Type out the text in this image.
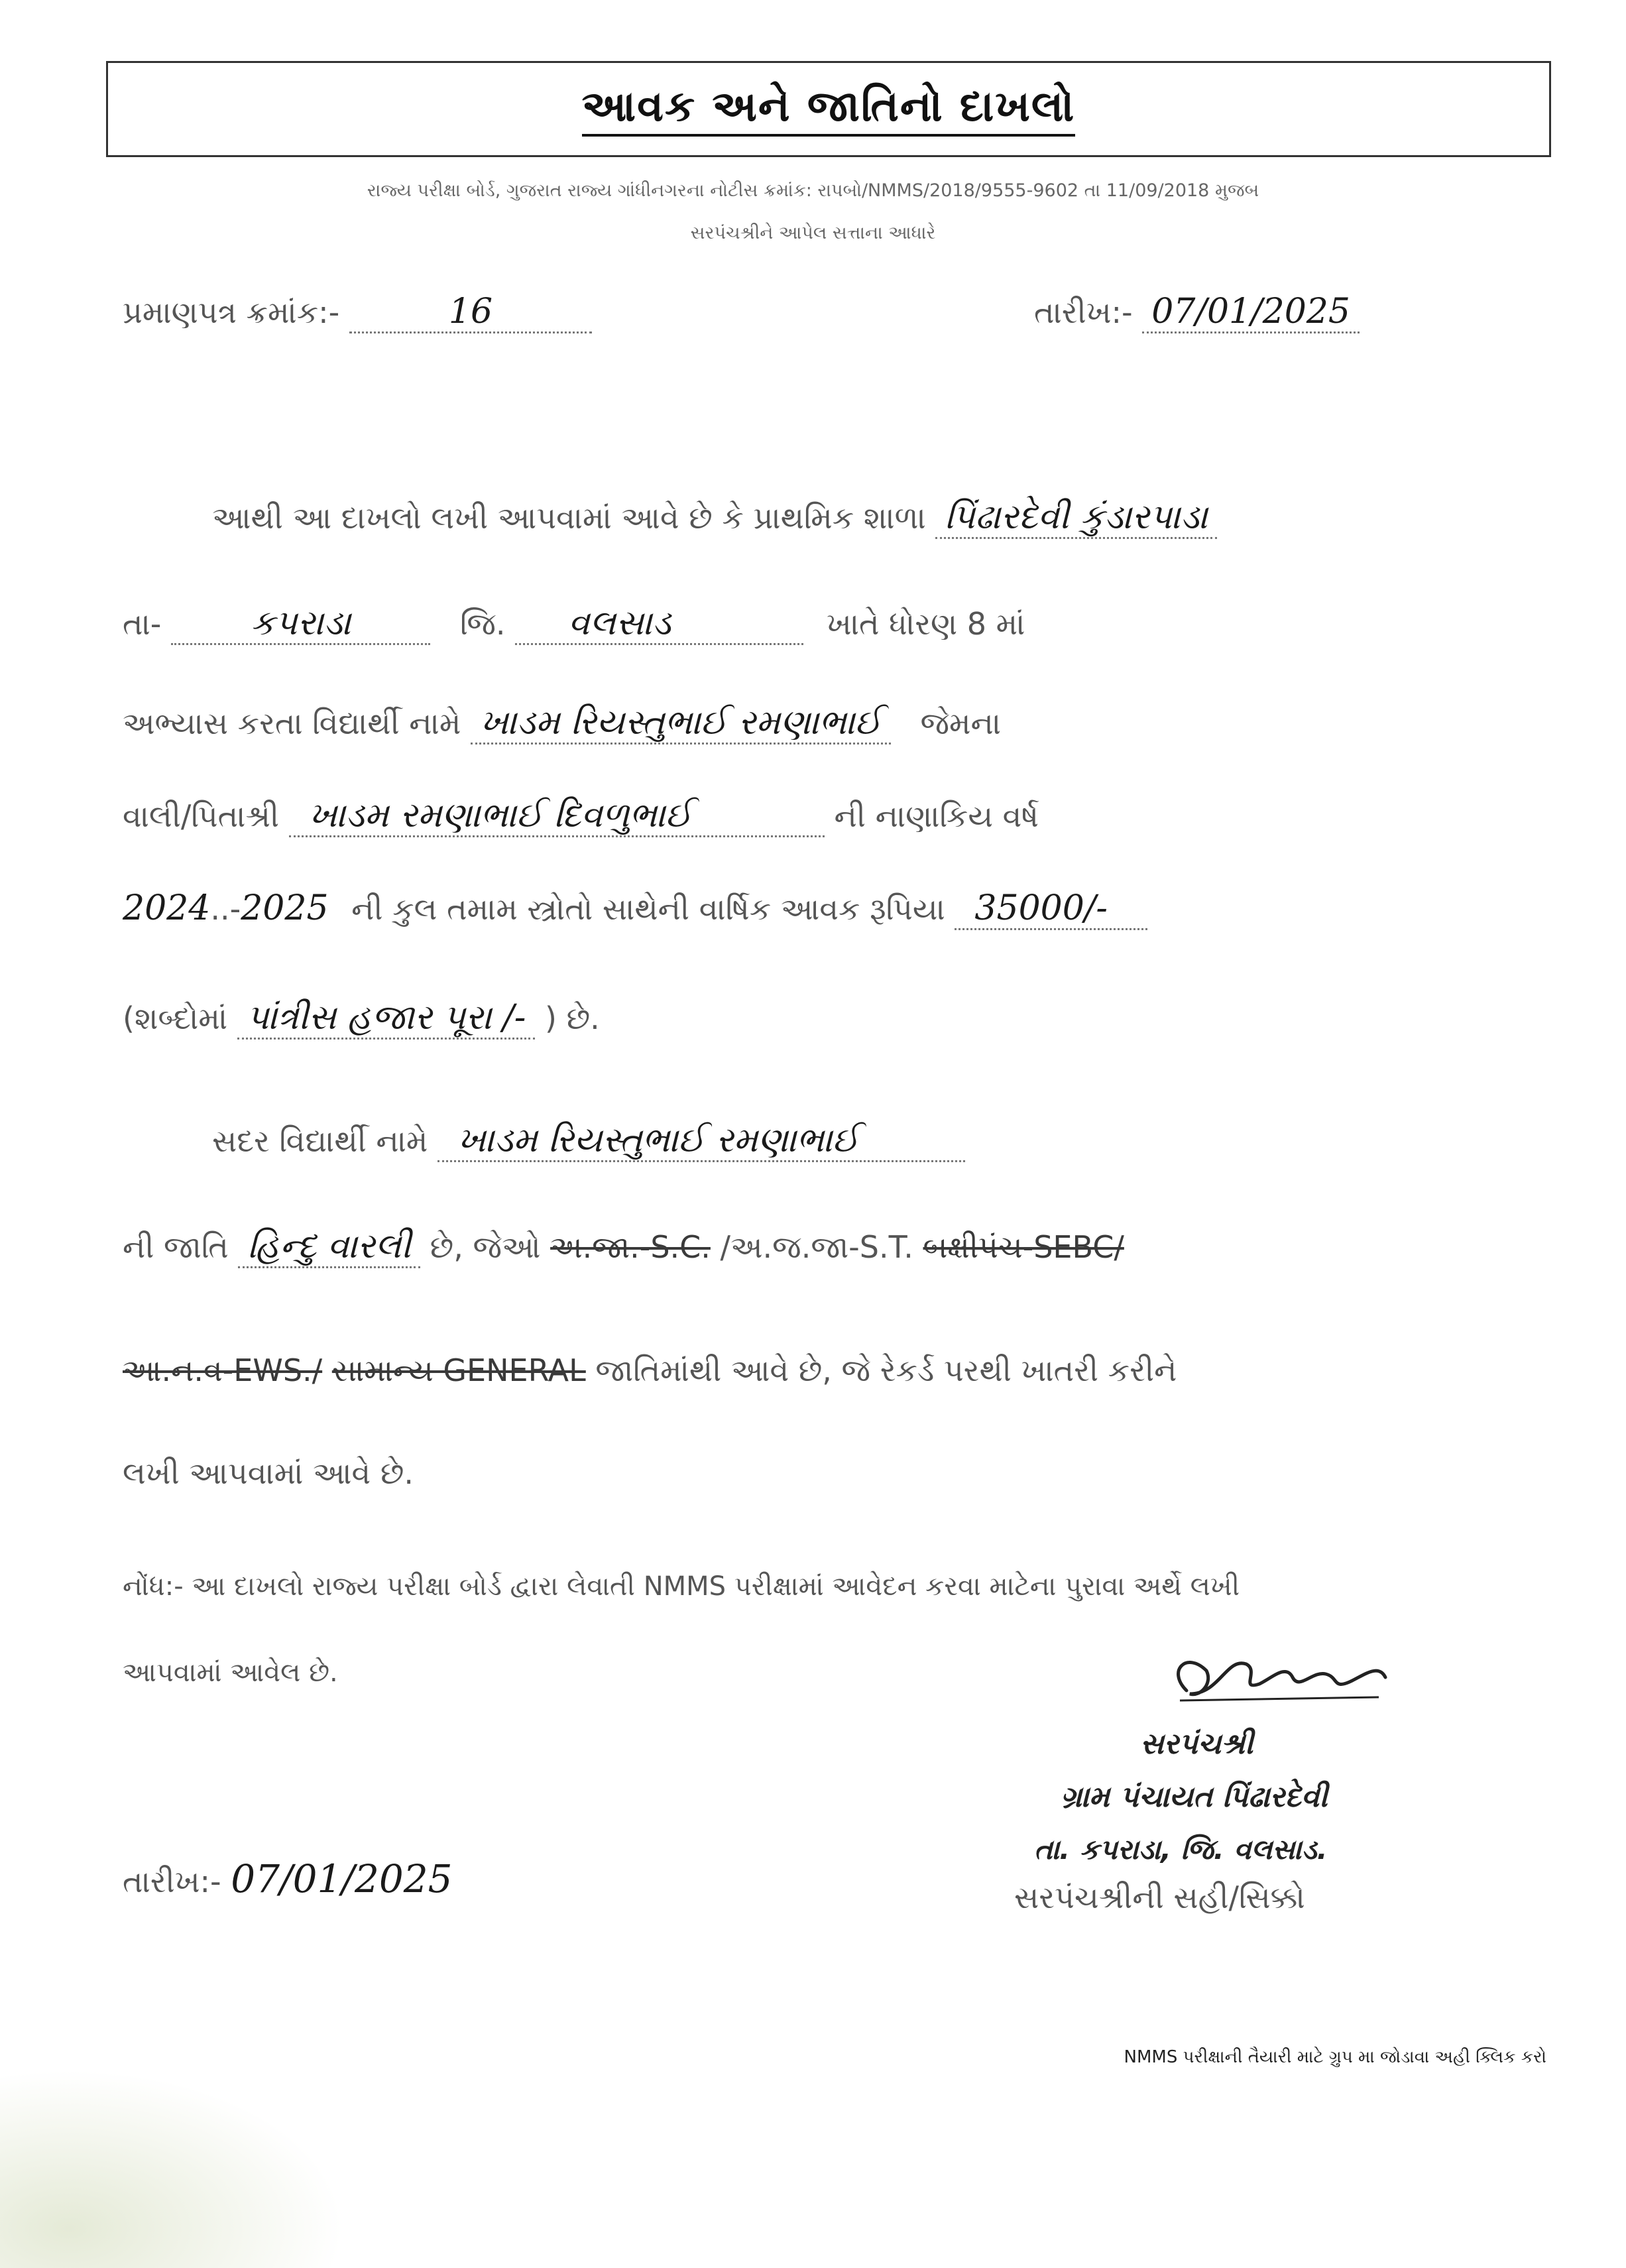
આવક અને જાતિનો દાખલો
રાજ્ય પરીક્ષા બોર્ડ, ગુજરાત રાજ્ય ગાંધીનગરના નોટીસ ક્રમાંક: રાપબો/NMMS/2018/9555-9602 તા 11/09/2018 મુજબ
સરપંચશ્રીને આપેલ સત્તાના આધારે
પ્રમાણપત્ર ક્રમાંક:-	16	તારીખ:- 07/01/2025
આથી આ દાખલો લખી આપવામાં આવે છે કે પ્રાથમિક શાળા પિંઢારદેવી કુંડારપાડા
તા-	કપરાડા	જિ. વલસાડ	ખાતે ધોરણ 8 માં
અભ્યાસ કરતા વિદ્યાર્થી નામે ખાડમ રિયસ્તુભાઈ રમણાભાઈ જેમના
વાલી/પિતાશ્રી ખાડમ રમણાભાઈ દિવળુભાઈ	ની નાણાકિય વર્ષ
2024..-2025 ની કુલ તમામ સ્ત્રોતો સાથેની વાર્ષિક આવક રૂપિયા 35000/-
(શબ્દોમાં પાંત્રીસ હજાર પૂરા /- ) છે.
સદર વિદ્યાર્થી નામે ખાડમ રિયસ્તુભાઈ રમણાભાઈ
ની જાતિ હિન્દુ વારલી છે, જેઓ અ.જા.-S.C. /અ.જ.જા-S.T. બક્ષીપંચ-SEBC/
આ.ન.વ-EWS./ સામાન્ય GENERAL જાતિમાંથી આવે છે, જે રેકર્ડ પરથી ખાતરી કરીને
લખી આપવામાં આવે છે.
નોંધ:- આ દાખલો રાજ્ય પરીક્ષા બોર્ડ દ્વારા લેવાતી NMMS પરીક્ષામાં આવેદન કરવા માટેના પુરાવા અર્થે લખી
આપવામાં આવેલ છે.
સરપંચશ્રી
ગ્રામ પંચાયત પિંઢારદેવી
તા. કપરાડા, જિ. વલસાડ.
સરપંચશ્રીની સહી/સિક્કો
તારીખ:- 07/01/2025
NMMS પરીક્ષાની તૈયારી માટે ગ્રુપ મા જોડાવા અહી ક્લિક કરો
